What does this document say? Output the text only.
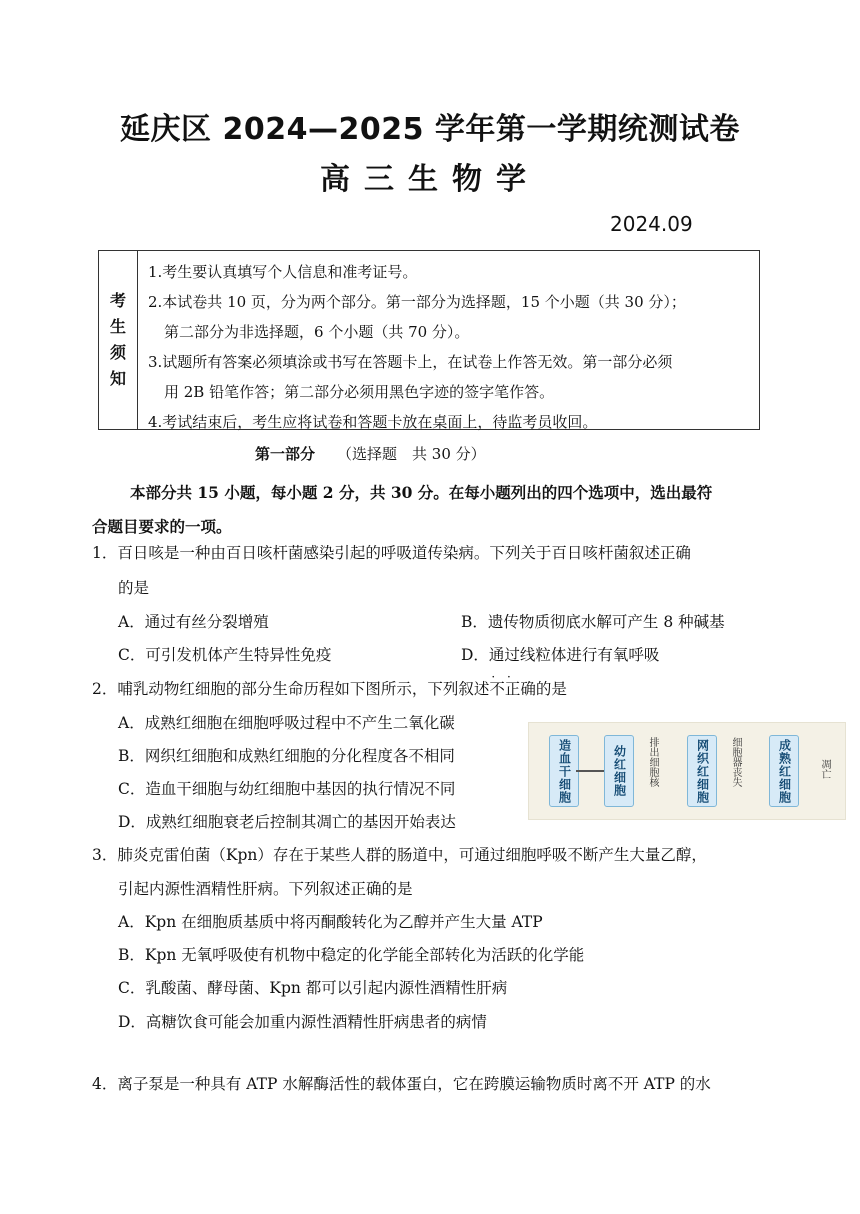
延庆区 2024—2025 学年第一学期统测试卷
高三生物学
2024.09
考
生
须
知
1.考生要认真填写个人信息和准考证号。
2.本试卷共 10 页，分为两个部分。第一部分为选择题，15 个小题（共 30 分）；
第二部分为非选择题，6 个小题（共 70 分）。
3.试题所有答案必须填涂或书写在答题卡上，在试卷上作答无效。第一部分必须
用 2B 铅笔作答；第二部分必须用黑色字迹的签字笔作答。
4.考试结束后，考生应将试卷和答题卡放在桌面上，待监考员收回。
第一部分 （选择题　共 30 分）
本部分共 15 小题，每小题 2 分，共 30 分。在每小题列出的四个选项中，选出最符
合题目要求的一项。
1．百日咳是一种由百日咳杆菌感染引起的呼吸道传染病。下列关于百日咳杆菌叙述正确
的是
A．通过有丝分裂增殖	B．遗传物质彻底水解可产生 8 种碱基
C．可引发机体产生特异性免疫	D．通过线粒体进行有氧呼吸
2．哺乳动物红细胞的部分生命历程如下图所示，下列叙述不正确 · ·的是
A．成熟红细胞在细胞呼吸过程中不产生二氧化碳
B．网织红细胞和成熟红细胞的分化程度各不相同
C．造血干细胞与幼红细胞中基因的执行情况不同
D．成熟红细胞衰老后控制其凋亡的基因开始表达
造血干细胞	幼红细胞	排出细胞核	网织红细胞	细胞器丧失	成熟红细胞	凋亡
3．肺炎克雷伯菌（Kpn）存在于某些人群的肠道中，可通过细胞呼吸不断产生大量乙醇，
引起内源性酒精性肝病。下列叙述正确的是
A．Kpn 在细胞质基质中将丙酮酸转化为乙醇并产生大量 ATP
B．Kpn 无氧呼吸使有机物中稳定的化学能全部转化为活跃的化学能
C．乳酸菌、酵母菌、Kpn 都可以引起内源性酒精性肝病
D．高糖饮食可能会加重内源性酒精性肝病患者的病情
4．离子泵是一种具有 ATP 水解酶活性的载体蛋白，它在跨膜运输物质时离不开 ATP 的水
